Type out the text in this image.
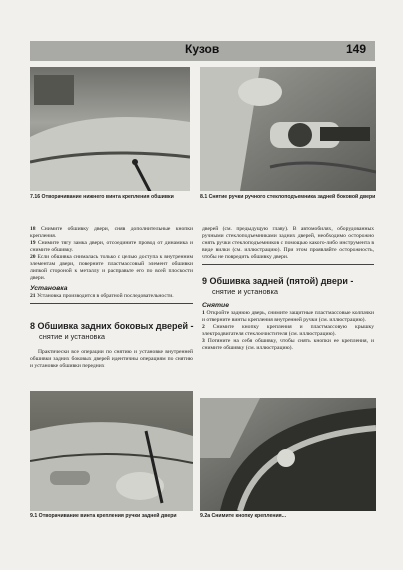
Кузов	149
7.16 Отворачивание нижнего винта крепления обшивки	8.1 Снятие ручки ручного стеклоподъемника задней боковой двери

18 Снимите обшивку двери, сняв дополнительные кнопки крепления.

19 Снимите тягу замка двери, отсоедините провод от динамика и снимите обшивку.

20 Если обшивка снималась только с целью доступа к внутренним элементам двери, поверните пластмассовый элемент обшивки липкой стороной к металлу и расправьте его по всей плоскости двери.

Установка

21 Установка производится в обратной последовательности.

8 Обшивка задних боковых дверей -
снятие и установка

Практически все операции по снятию и установке внутренней обшивки задних боковых дверей идентичны операциям по снятию и установке обшивки передних

дверей (см. предыдущую главу). В автомобилях, оборудованных ручными стеклоподъемниками задних дверей, необходимо осторожно снять ручки стеклоподъемников с помощью какого-либо инструмента в виде вилки (см. иллюстрацию). При этом проявляйте осторожность, чтобы не повредить обшивку двери.

9 Обшивка задней (пятой) двери -
снятие и установка
Снятие

1 Откройте заднюю дверь, снимите защитные пластмассовые колпачки и отверните винты крепления внутренней ручки (см. иллюстрацию).

2 Снимите кнопку крепления и пластмассовую крышку электродвигателя стеклоочистителя (см. иллюстрацию).

3 Потяните на себя обшивку, чтобы снять кнопки ее крепления, и снимите обшивку (см. иллюстрацию).

9.1 Отворачивание винта крепления ручки задней двери	9.2a Снимите кнопку крепления...
